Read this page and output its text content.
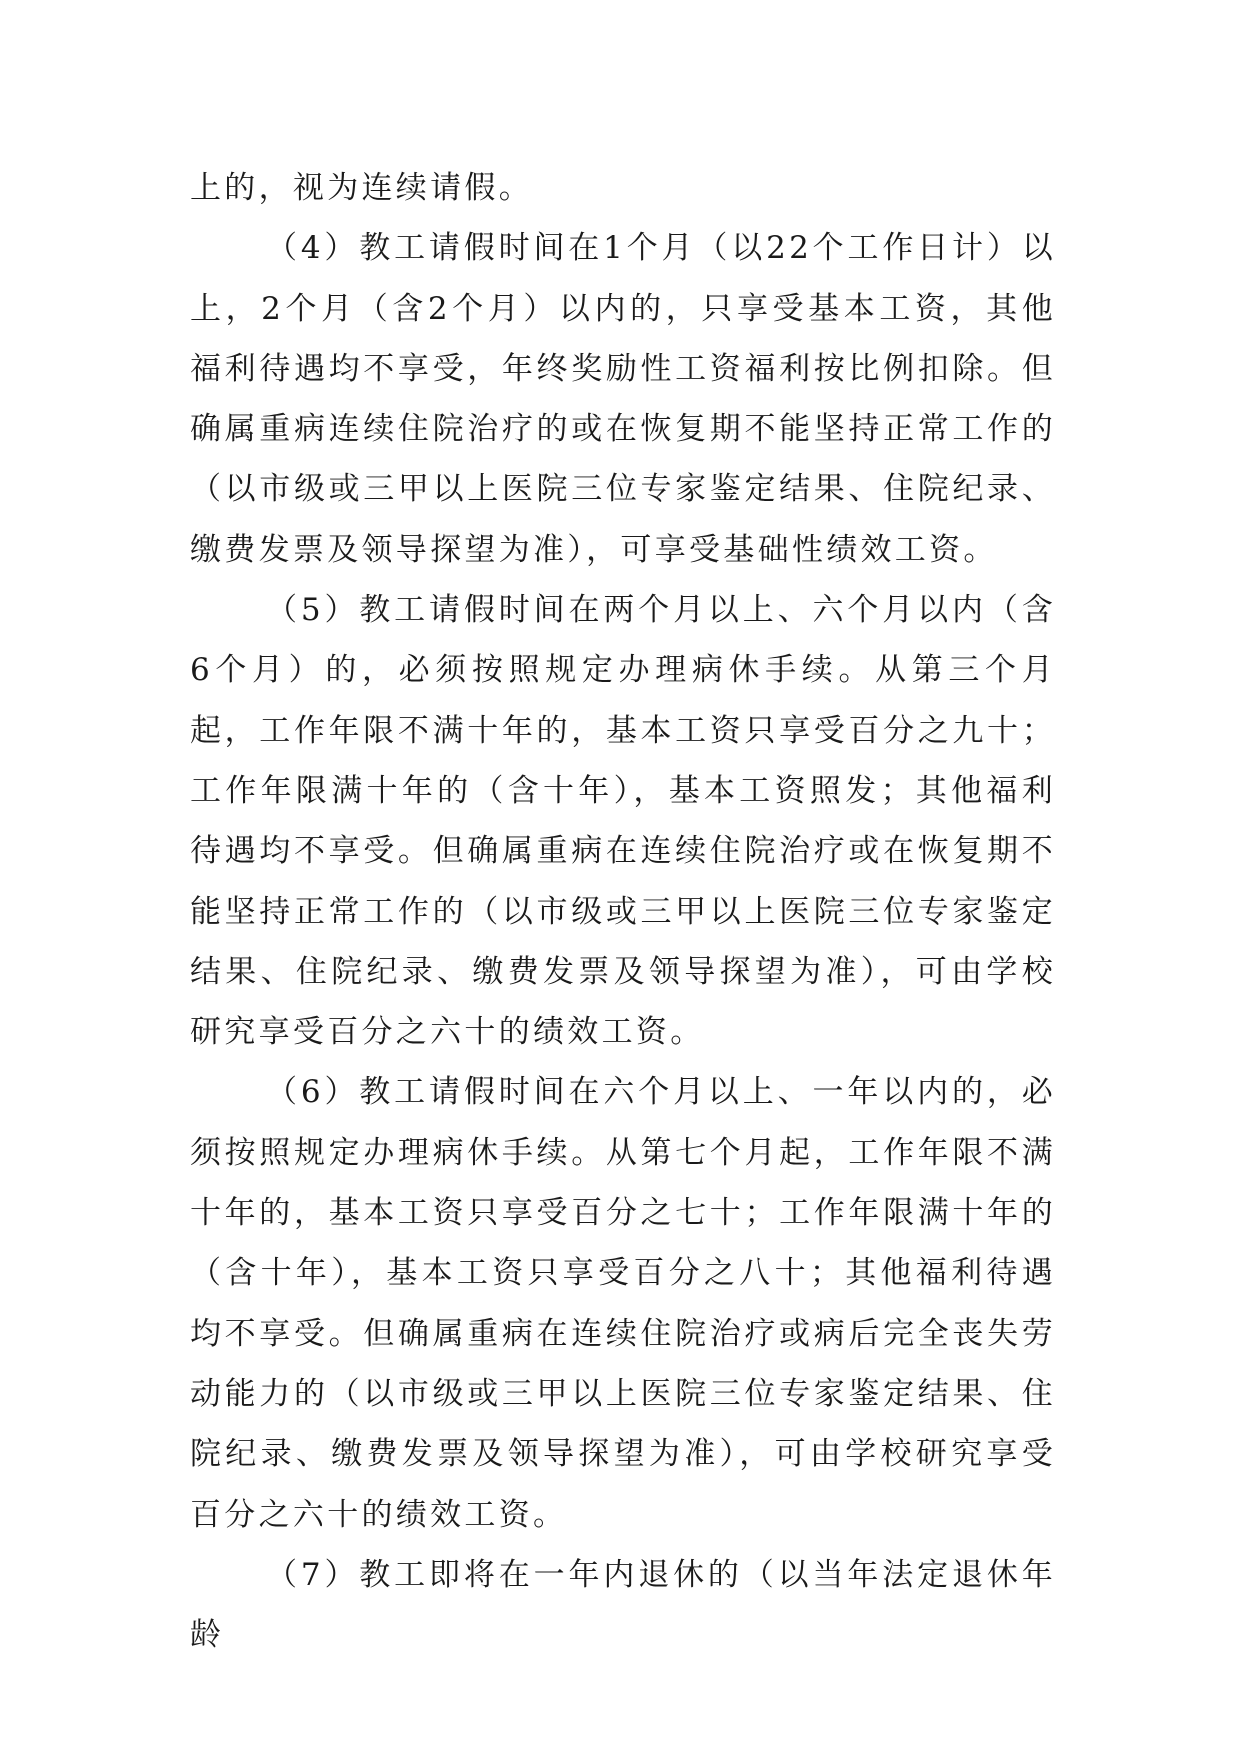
上的，视为连续请假。

（4）教工请假时间在1个月（以22个工作日计）以上，2个月（含2个月）以内的，只享受基本工资，其他福利待遇均不享受，年终奖励性工资福利按比例扣除。但确属重病连续住院治疗的或在恢复期不能坚持正常工作的（以市级或三甲以上医院三位专家鉴定结果、住院纪录、缴费发票及领导探望为准），可享受基础性绩效工资。

（5）教工请假时间在两个月以上、六个月以内（含6个月）的，必须按照规定办理病休手续。从第三个月起，工作年限不满十年的，基本工资只享受百分之九十；工作年限满十年的（含十年），基本工资照发；其他福利待遇均不享受。但确属重病在连续住院治疗或在恢复期不能坚持正常工作的（以市级或三甲以上医院三位专家鉴定结果、住院纪录、缴费发票及领导探望为准），可由学校研究享受百分之六十的绩效工资。

（6）教工请假时间在六个月以上、一年以内的，必须按照规定办理病休手续。从第七个月起，工作年限不满十年的，基本工资只享受百分之七十；工作年限满十年的（含十年），基本工资只享受百分之八十；其他福利待遇均不享受。但确属重病在连续住院治疗或病后完全丧失劳动能力的（以市级或三甲以上医院三位专家鉴定结果、住院纪录、缴费发票及领导探望为准），可由学校研究享受百分之六十的绩效工资。

（7）教工即将在一年内退休的（以当年法定退休年龄
